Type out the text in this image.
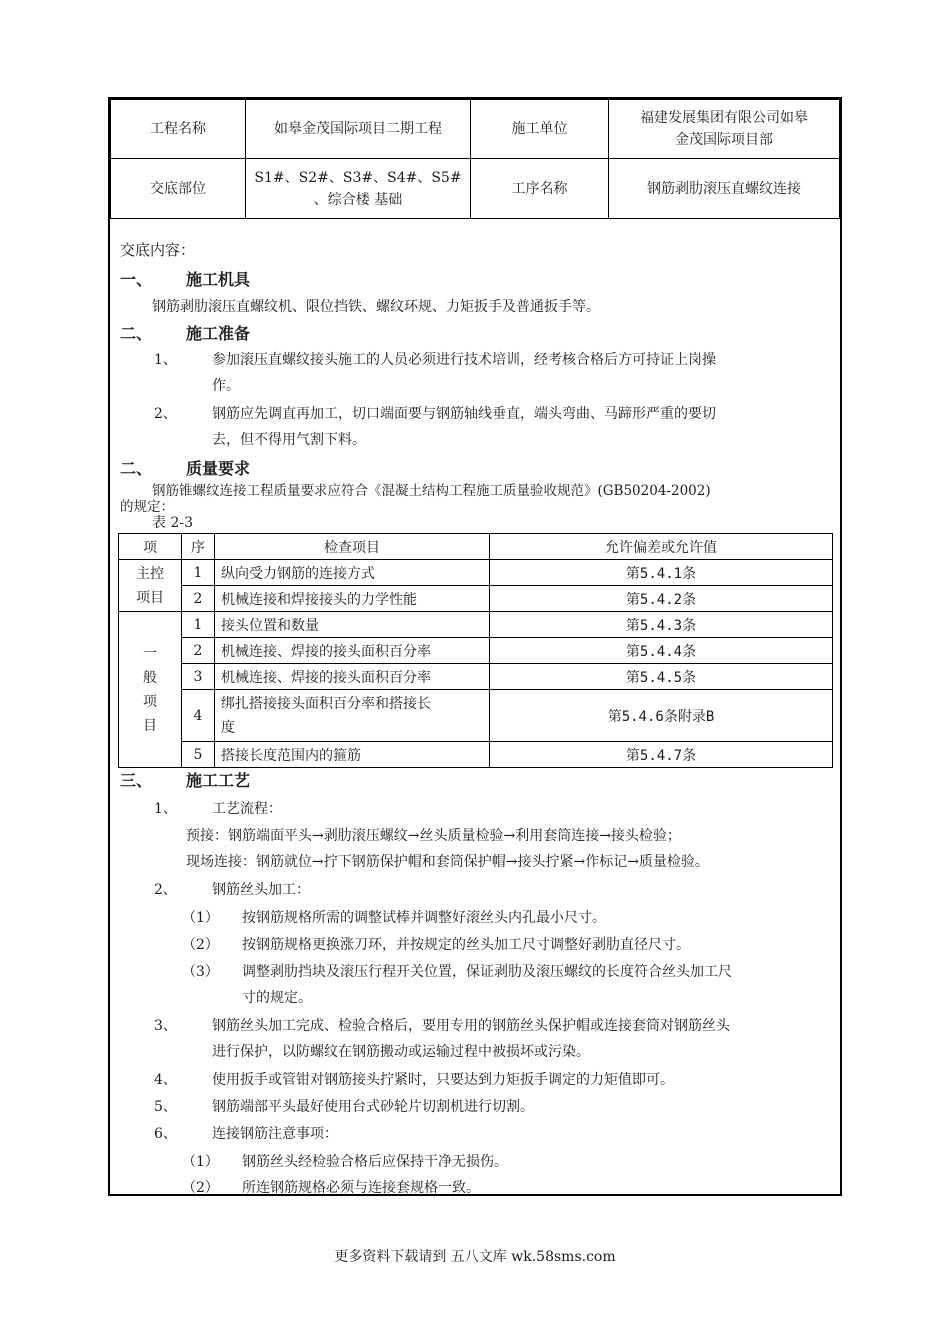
工程名称	如皋金茂国际项目二期工程	施工单位	福建发展集团有限公司如皋
金茂国际项目部

交底部位	S1#、S2#、S3#、S4#、S5#
、综合楼 基础	工序名称	钢筋剥肋滚压直螺纹连接
交底内容：
一、 施工机具
钢筋剥肋滚压直螺纹机、限位挡铁、螺纹环规、力矩扳手及普通扳手等。
二、 施工准备
1、	参加滚压直螺纹接头施工的人员必须进行技术培训，经考核合格后方可持证上岗操
作。
2、	钢筋应先调直再加工，切口端面要与钢筋轴线垂直，端头弯曲、马蹄形严重的要切
去，但不得用气割下料。
二、 质量要求
钢筋锥螺纹连接工程质量要求应符合《混凝土结构工程施工质量验收规范》(GB50204-2002)
的规定：
表 2-3
项	序	检查项目	允许偏差或允许值

主控
项目	1	纵向受力钢筋的连接方式	第5.4.1条
	2	机械连接和焊接接头的力学性能	第5.4.2条

一
般
项
目	1	接头位置和数量	第5.4.3条
	2	机械连接、焊接的接头面积百分率	第5.4.4条
	3	机械连接、焊接的接头面积百分率	第5.4.5条
	4	绑扎搭接接头面积百分率和搭接长
度	第5.4.6条附录B
	5	搭接长度范围内的箍筋	第5.4.7条
三、 施工工艺
1、	工艺流程：
预接：钢筋端面平头→剥肋滚压螺纹→丝头质量检验→利用套筒连接→接头检验；
现场连接：钢筋就位→拧下钢筋保护帽和套筒保护帽→接头拧紧→作标记→质量检验。
2、	钢筋丝头加工：
（1） 按钢筋规格所需的调整试棒并调整好滚丝头内孔最小尺寸。
（2） 按钢筋规格更换涨刀环，并按规定的丝头加工尺寸调整好剥肋直径尺寸。
（3） 调整剥肋挡块及滚压行程开关位置，保证剥肋及滚压螺纹的长度符合丝头加工尺
寸的规定。
3、	钢筋丝头加工完成、检验合格后，要用专用的钢筋丝头保护帽或连接套筒对钢筋丝头
进行保护，以防螺纹在钢筋搬动或运输过程中被损坏或污染。
4、	使用扳手或管钳对钢筋接头拧紧时，只要达到力矩扳手调定的力矩值即可。
5、	钢筋端部平头最好使用台式砂轮片切割机进行切割。
6、	连接钢筋注意事项：
（1） 钢筋丝头经检验合格后应保持干净无损伤。
（2） 所连钢筋规格必须与连接套规格一致。
更多资料下载请到 五八文库 wk.58sms.com
